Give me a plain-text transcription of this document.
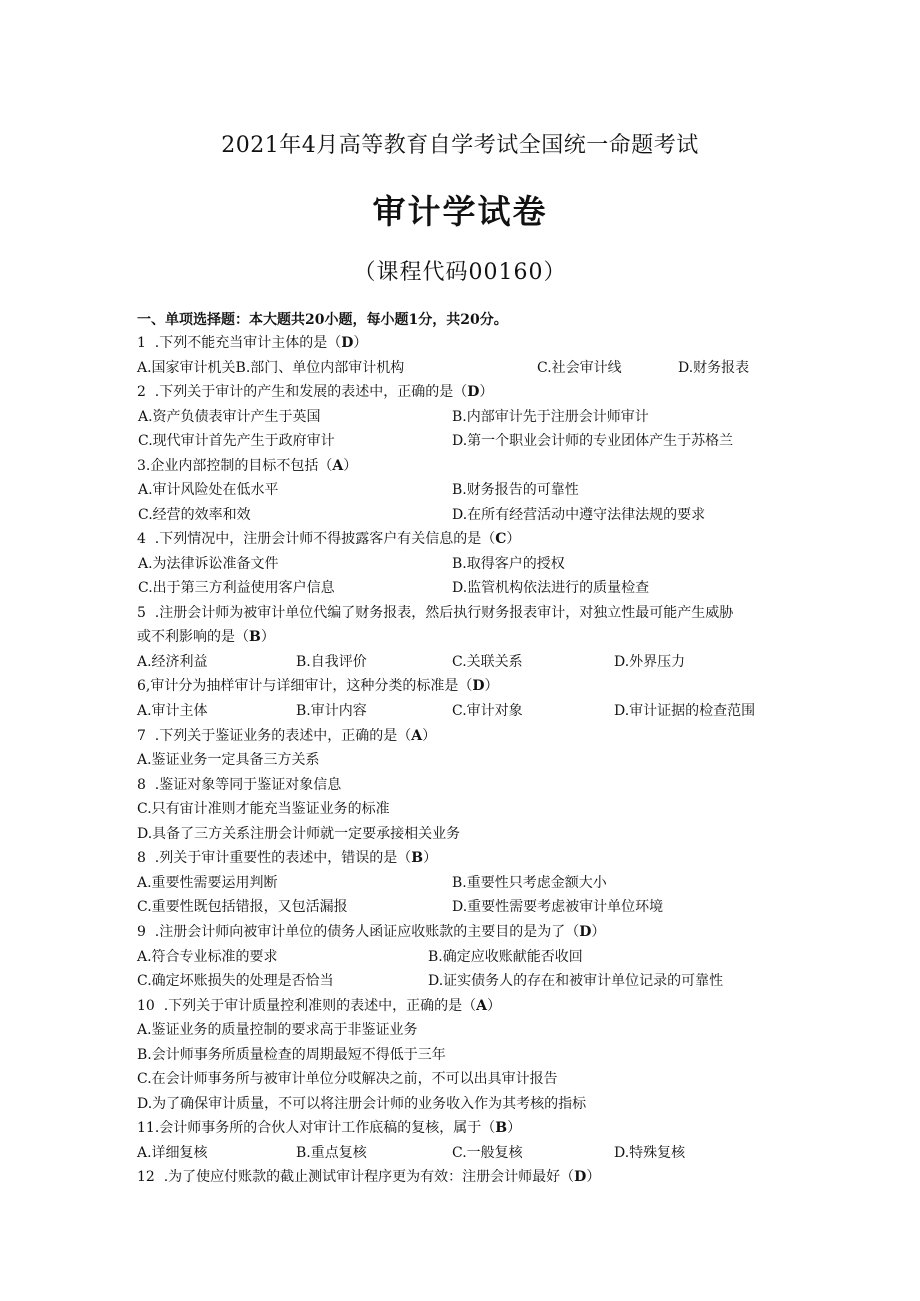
2021年4月高等教育自学考试全国统一命题考试
审计学试卷
（课程代码00160）
一、单项选择题：本大题共20小题，每小题1分，共20分。
1  .下列不能充当审计主体的是（D）
A.国家审计机关B.部门、单位内部审计机构	C.社会审计线	D.财务报表
2  .下列关于审计的产生和发展的表述中，正确的是（D）
A.资产负债表审计产生于英国	B.内部审计先于注册会计师审计
C.现代审计首先产生于政府审计	D.第一个职业会计师的专业团体产生于苏格兰
3.企业内部控制的目标不包括（A）
A.审计风险处在低水平	B.财务报告的可靠性
C.经营的效率和效	D.在所有经营活动中遵守法律法规的要求
4  .下列情况中，注册会计师不得披露客户有关信息的是（C）
A.为法律诉讼准备文件	B.取得客户的授权
C.出于第三方利益使用客户信息	D.监管机构依法进行的质量检查
5  .注册会计师为被审计单位代编了财务报表，然后执行财务报表审计，对独立性最可能产生威胁
或不利影响的是（B）
A.经济利益	B.自我评价	C.关联关系	D.外界压力
6,审计分为抽样审计与详细审计，这种分类的标准是（D）
A.审计主体	B.审计内容	C.审计对象	D.审计证据的检查范围
7  .下列关于鉴证业务的表述中，正确的是（A）
A.鉴证业务一定具备三方关系
8  .鉴证对象等同于鉴证对象信息
C.只有宙计准则才能充当鉴证业务的标准
D.具备了三方关系注册会计师就一定要承接相关业务
8  .列关于审计重要性的表述中，错误的是（B）
A.重要性需要运用判断	B.重要性只考虑金额大小
C.重要性既包括错报，又包活漏报	D.重要性需要考虑被审计单位环境
9  .注册会计师向被审计单位的债务人函证应收账款的主要目的是为了（D）
A.符合专业标准的要求	B.确定应收账献能否收回
C.确定坏账损失的处理是否恰当	D.证实债务人的存在和被审计单位记录的可靠性
10  .下列关于审计质量控利准则的表述中，正确的是（A）
A.鉴证业务的质量控制的要求高于非鉴证业务
B.会计师事务所质量检查的周期最短不得低于三年
C.在会计师事务所与被审计单位分哎解决之前，不可以出具审计报告
D.为了确保审计质量，不可以将注册会计师的业务收入作为其考核的指标
11.会计师事务所的合伙人对审计工作底稿的复核，属于（B）
A.详细复核	B.重点复核	C.一般复核	D.特殊复核
12  .为了使应付账款的截止测试审计程序更为有效：注册会计师最好（D）
